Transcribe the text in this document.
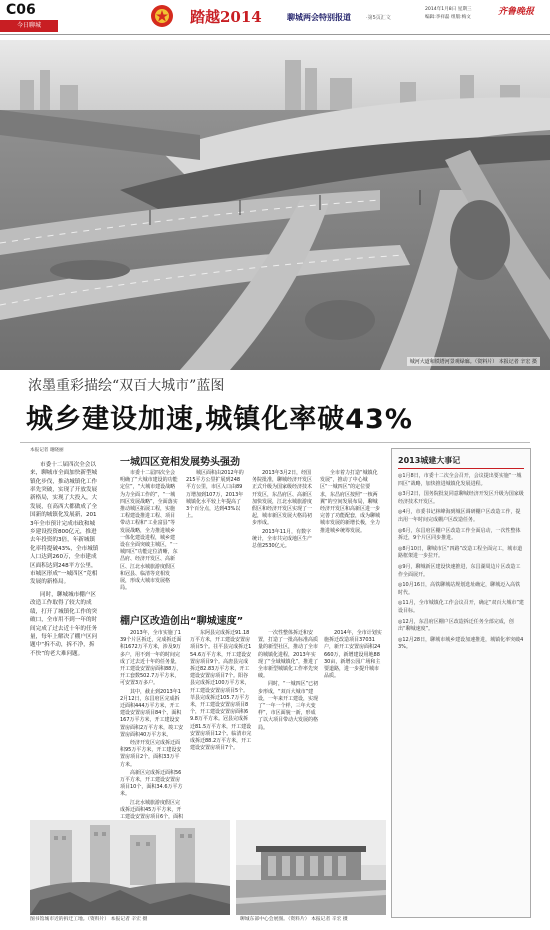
C06
今日聊城	踏越2014	聊城两会特别报道	·第5页汇文
2014年1月8日 星期三
编辑:李祥磊 组版:梅文
齐鲁晚报
城河大道和铁塔河景观绿廊。（资料片） 本报记者 辛宏 摄
浓墨重彩描绘“双百大城市”蓝图
城乡建设加速,城镇化率破43%
本报记者 谢晓丽

市委十二届四次全会以来，聊城市全面加快新型城镇化步伐，推动城镇化工作率先突破，实现了开放发展新格局，实现了大投入，大发展，在高西大都做成了全国新的城镇化发展新，2013年全市预计完成市政和城乡建设投资800亿元，推进去年投资的3倍，年新城镇化率将提破43%，全市城镇人口达到260万，全市建成区面积达到248平方公里，市城区形成“一城四区”竞相发展的新格局。

同时，聊城城市棚户区改造工作取得了较大的成绩，打开了城镇化工作的突破口，全市用不到一年的时间完成了过去近十年的任务量，每年上解决了棚户区问题中“拆不动，拆不净，拆不快”的老大难问题。

一城四区竞相发展势头强劲

市委十二届四次全会明确了“大城市建设的功能定位”，“大城市建设战略为力全面工作的”，“一城四区发展战略”，全面落实推动城区拓展工程，实施工程建设推进工程、项目带动工程和“工业富县”等发展战略，全力推进城乡一体化建设进程，城乡建设在全面突破主城区，“一城四区”功能定位清晰，东昌府、经济开发区、高新区、江北水城旅游度假区和冠县、临清等竞相发展，形成大城市发展格局。

城区面积由2012年的215平方公里扩展到248平方公里，市区人口由89万增加到107万，2013年城镇化水平较上年提高了3个百分点，达到43%以上。

2013年3月2日，经国务院批准，聊城经济开发区正式升级为国家级经济技术开发区，东昌府区、高新区加快发展，江北水城旅游度假区和经济开发区实现了一起，城市新区发展大格局初步形成。

2013年11月，有数字统计，全市共完成地区生产总值2530亿元。

全市着力打造“城镇化发展”，推动了中心城区“一城四区”的定位要求，东昌府区按照“一核两翼”的空间发展布局，聊城经济开发区和高新区进一步完善了功能配套，成为聊城城市发展的新增长极，全力推进城乡统筹发展。

棚户区改造创出“聊城速度”

2013年，全市实施了139个片区拆迁，完成拆迁面积1672万平方米，涉及9万多户，用不到一年的时间完成了过去近十年的任务量，开工建设安置房面积88万，开工套数502.7万平方米，可安置3万多户。

其中，截止到2013年12月12日，东昌府区完成拆迁面积444万平方米，开工建设安置房项目84个，面积167万平方米，开工建设安置房面积2万平方米，竣工安置房面积40万平方米。

经济开发区完成拆迁面积95万平方米，开工建设安置房项目2个，面积33万平方米。

高新区完成拆迁面积56万平方米，开工建设安置房项目10个，面积34.6万平方米。

江北水城旅游度假区完成拆迁面积45万平方米，开工建设安置房项目6个，面积

东阿县完成拆迁91.18万平方米，开工建设安置房项目5个。茌平县完成拆迁154.6万平方米，开工建设安置房项目9个。高唐县完成拆迁82.83万平方米，开工建设安置房项目7个。阳谷县完成拆迁100万平方米，开工建设安置房项目5个。莘县完成拆迁105.7万平方米，开工建设安置房项目8个，开工建设安置房面积69.8万平方米。冠县完成拆迁81.5万平方米，开工建设安置房项目12个。临清市完成拆迁88.2万平方米，开工建设安置房项目7个。

一次性整体拆迁和安置，打造了一批高标准高质量的新型社区，推动了全市的城镇化进程，2013年实现了“全域城镇化”，推进了全市新型城镇化工作率先突破。

同时，“一城四区”已初步形成，“双百大城市”建设，一年来开工建设，实现了“一年一个样，三年大变样”，市区面貌一新，形成了以大项目带动大发展的格局。

2014年，全市计划实施拆迁改造项目37031户，新开工安置房面积24660万，新增建设用地8830亩，新增公园广场和主要道路，进一步提升城市品质。

2013城建大事记

◎1月8日，市委十二次全会召开，会议提出要实施“一城四区”战略，加快推进城镇化发展进程。

◎3月2日，国务院批复同意聊城经济开发区升级为国家级经济技术开发区。

◎4月，市委书记林峰海到城区调研棚户区改造工作，提出用一年时间完成棚户区改造任务。

◎6月，东昌府区棚户区改造工作全面启动，一次性整体拆迁，9个片区同步推进。

◎8月10日，聊城市区“四路”改造工程全面完工，城市道路框架进一步拉开。

◎9月，聊城新区建设快速推进，东昌湖周边片区改造工作全面展开。

◎10月16日，高铁聊城站规划选址确定，聊城迈入高铁时代。

◎11月，全市城镇化工作会议召开，确定“双百大城市”建设目标。

◎12月，东昌府区棚户区改造拆迁任务全部完成，创出“聊城速度”。

◎12月28日，聊城市城乡建设加速推进，城镇化率突破43%。

图书馆城市近的拆迁工地。（资料片） 本报记者 辛宏 摄	聊城东部中心会展图。（资料片） 本报记者 辛宏 摄
